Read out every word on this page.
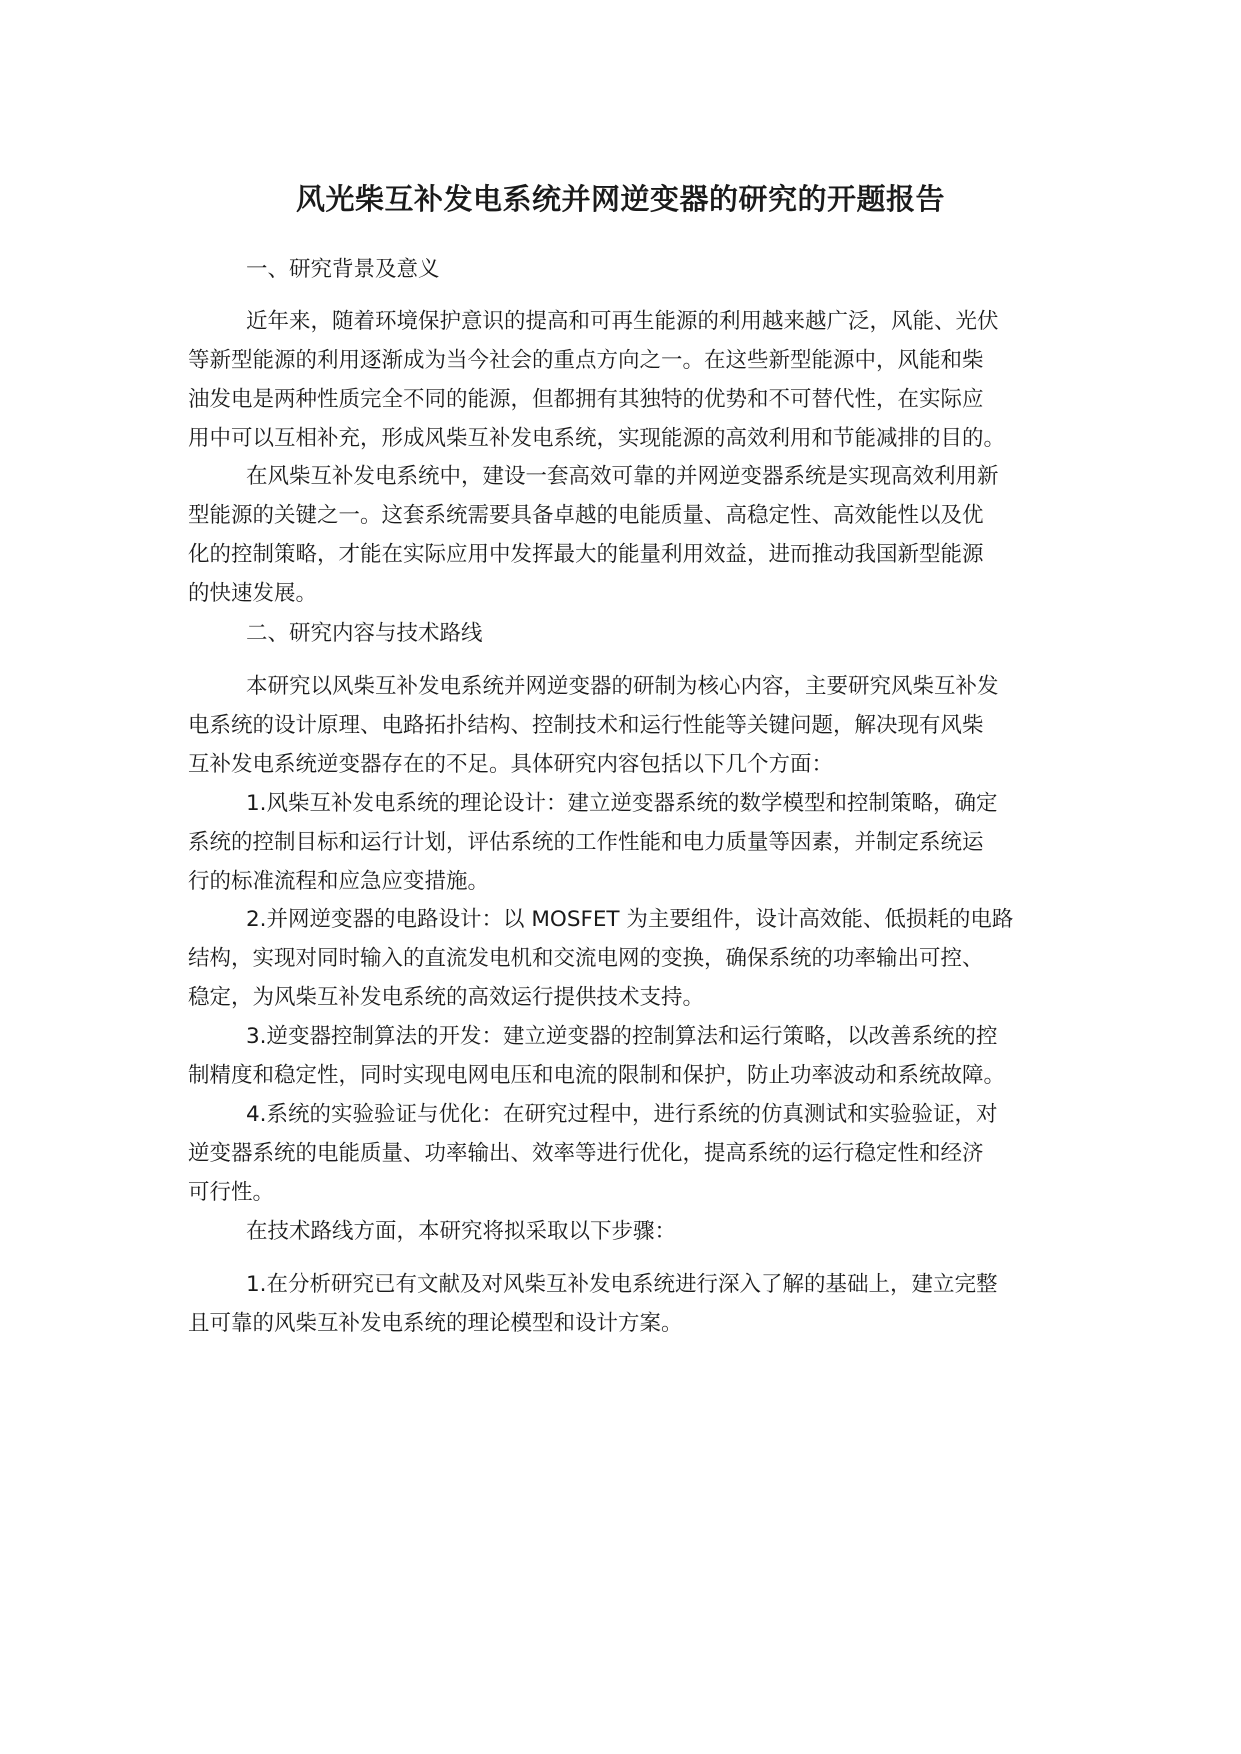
风光柴互补发电系统并网逆变器的研究的开题报告

一、研究背景及意义

近年来，随着环境保护意识的提高和可再生能源的利用越来越广泛，风能、光伏
等新型能源的利用逐渐成为当今社会的重点方向之一。在这些新型能源中，风能和柴
油发电是两种性质完全不同的能源，但都拥有其独特的优势和不可替代性，在实际应
用中可以互相补充，形成风柴互补发电系统，实现能源的高效利用和节能减排的目的。

在风柴互补发电系统中，建设一套高效可靠的并网逆变器系统是实现高效利用新
型能源的关键之一。这套系统需要具备卓越的电能质量、高稳定性、高效能性以及优
化的控制策略，才能在实际应用中发挥最大的能量利用效益，进而推动我国新型能源
的快速发展。

二、研究内容与技术路线

本研究以风柴互补发电系统并网逆变器的研制为核心内容，主要研究风柴互补发
电系统的设计原理、电路拓扑结构、控制技术和运行性能等关键问题，解决现有风柴
互补发电系统逆变器存在的不足。具体研究内容包括以下几个方面：

1.风柴互补发电系统的理论设计：建立逆变器系统的数学模型和控制策略，确定
系统的控制目标和运行计划，评估系统的工作性能和电力质量等因素，并制定系统运
行的标准流程和应急应变措施。

2.并网逆变器的电路设计：以 MOSFET 为主要组件，设计高效能、低损耗的电路
结构，实现对同时输入的直流发电机和交流电网的变换，确保系统的功率输出可控、
稳定，为风柴互补发电系统的高效运行提供技术支持。

3.逆变器控制算法的开发：建立逆变器的控制算法和运行策略，以改善系统的控
制精度和稳定性，同时实现电网电压和电流的限制和保护，防止功率波动和系统故障。

4.系统的实验验证与优化：在研究过程中，进行系统的仿真测试和实验验证，对
逆变器系统的电能质量、功率输出、效率等进行优化，提高系统的运行稳定性和经济
可行性。

在技术路线方面，本研究将拟采取以下步骤：

1.在分析研究已有文献及对风柴互补发电系统进行深入了解的基础上，建立完整
且可靠的风柴互补发电系统的理论模型和设计方案。
